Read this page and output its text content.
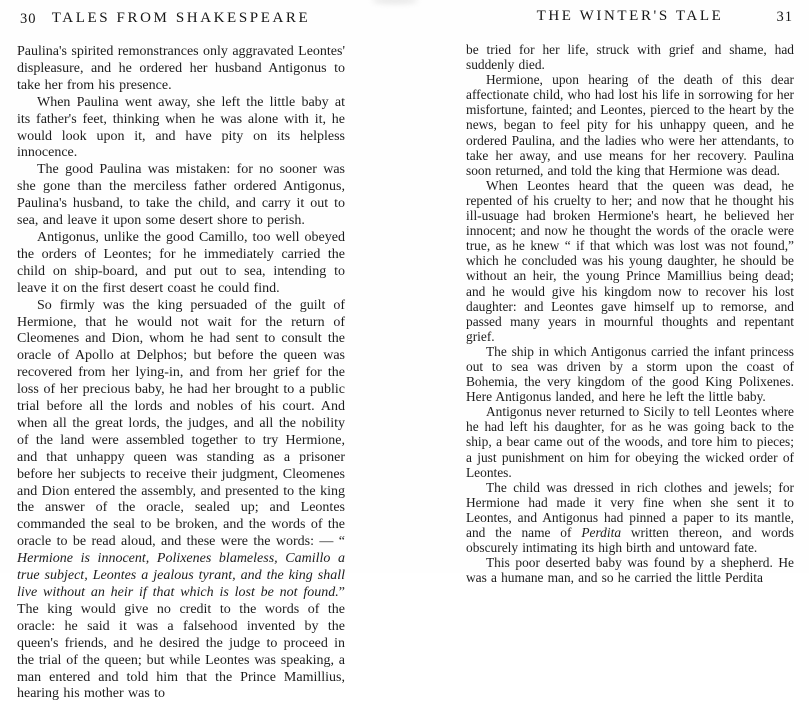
30	TALES FROM SHAKESPEARE

Paulina's spirited remonstrances only aggravated Leontes' displeasure, and he ordered her husband Antigonus to take her from his presence.

When Paulina went away, she left the little baby at its father's feet, thinking when he was alone with it, he would look upon it, and have pity on its helpless innocence.

The good Paulina was mistaken: for no sooner was she gone than the merciless father ordered Antigonus, Paulina's husband, to take the child, and carry it out to sea, and leave it upon some desert shore to perish.

Antigonus, unlike the good Camillo, too well obeyed the orders of Leontes; for he immediately carried the child on ship-board, and put out to sea, intending to leave it on the first desert coast he could find.

So firmly was the king persuaded of the guilt of Hermione, that he would not wait for the return of Cleomenes and Dion, whom he had sent to consult the oracle of Apollo at Delphos; but before the queen was recovered from her lying-in, and from her grief for the loss of her precious baby, he had her brought to a public trial before all the lords and nobles of his court. And when all the great lords, the judges, and all the nobility of the land were assembled together to try Hermione, and that unhappy queen was standing as a prisoner before her subjects to receive their judgment, Cleomenes and Dion entered the assembly, and presented to the king the answer of the oracle, sealed up; and Leontes commanded the seal to be broken, and the words of the oracle to be read aloud, and these were the words: — “ Hermione is innocent, Polixenes blameless, Camillo a true subject, Leontes a jealous tyrant, and the king shall live without an heir if that which is lost be not found.” The king would give no credit to the words of the oracle: he said it was a falsehood invented by the queen's friends, and he desired the judge to proceed in the trial of the queen; but while Leontes was speaking, a man entered and told him that the Prince Mamillius, hearing his mother was to

THE WINTER'S TALE	31

be tried for her life, struck with grief and shame, had suddenly died.

Hermione, upon hearing of the death of this dear affectionate child, who had lost his life in sorrowing for her misfortune, fainted; and Leontes, pierced to the heart by the news, began to feel pity for his unhappy queen, and he ordered Paulina, and the ladies who were her attendants, to take her away, and use means for her recovery. Paulina soon returned, and told the king that Hermione was dead.

When Leontes heard that the queen was dead, he repented of his cruelty to her; and now that he thought his ill-usuage had broken Hermione's heart, he believed her innocent; and now he thought the words of the oracle were true, as he knew “ if that which was lost was not found,” which he concluded was his young daughter, he should be without an heir, the young Prince Mamillius being dead; and he would give his kingdom now to recover his lost daughter: and Leontes gave himself up to remorse, and passed many years in mournful thoughts and repentant grief.

The ship in which Antigonus carried the infant princess out to sea was driven by a storm upon the coast of Bohemia, the very kingdom of the good King Polixenes. Here Antigonus landed, and here he left the little baby.

Antigonus never returned to Sicily to tell Leontes where he had left his daughter, for as he was going back to the ship, a bear came out of the woods, and tore him to pieces; a just punishment on him for obeying the wicked order of Leontes.

The child was dressed in rich clothes and jewels; for Hermione had made it very fine when she sent it to Leontes, and Antigonus had pinned a paper to its mantle, and the name of Perdita written thereon, and words obscurely intimating its high birth and untoward fate.

This poor deserted baby was found by a shepherd. He was a humane man, and so he carried the little Perdita
